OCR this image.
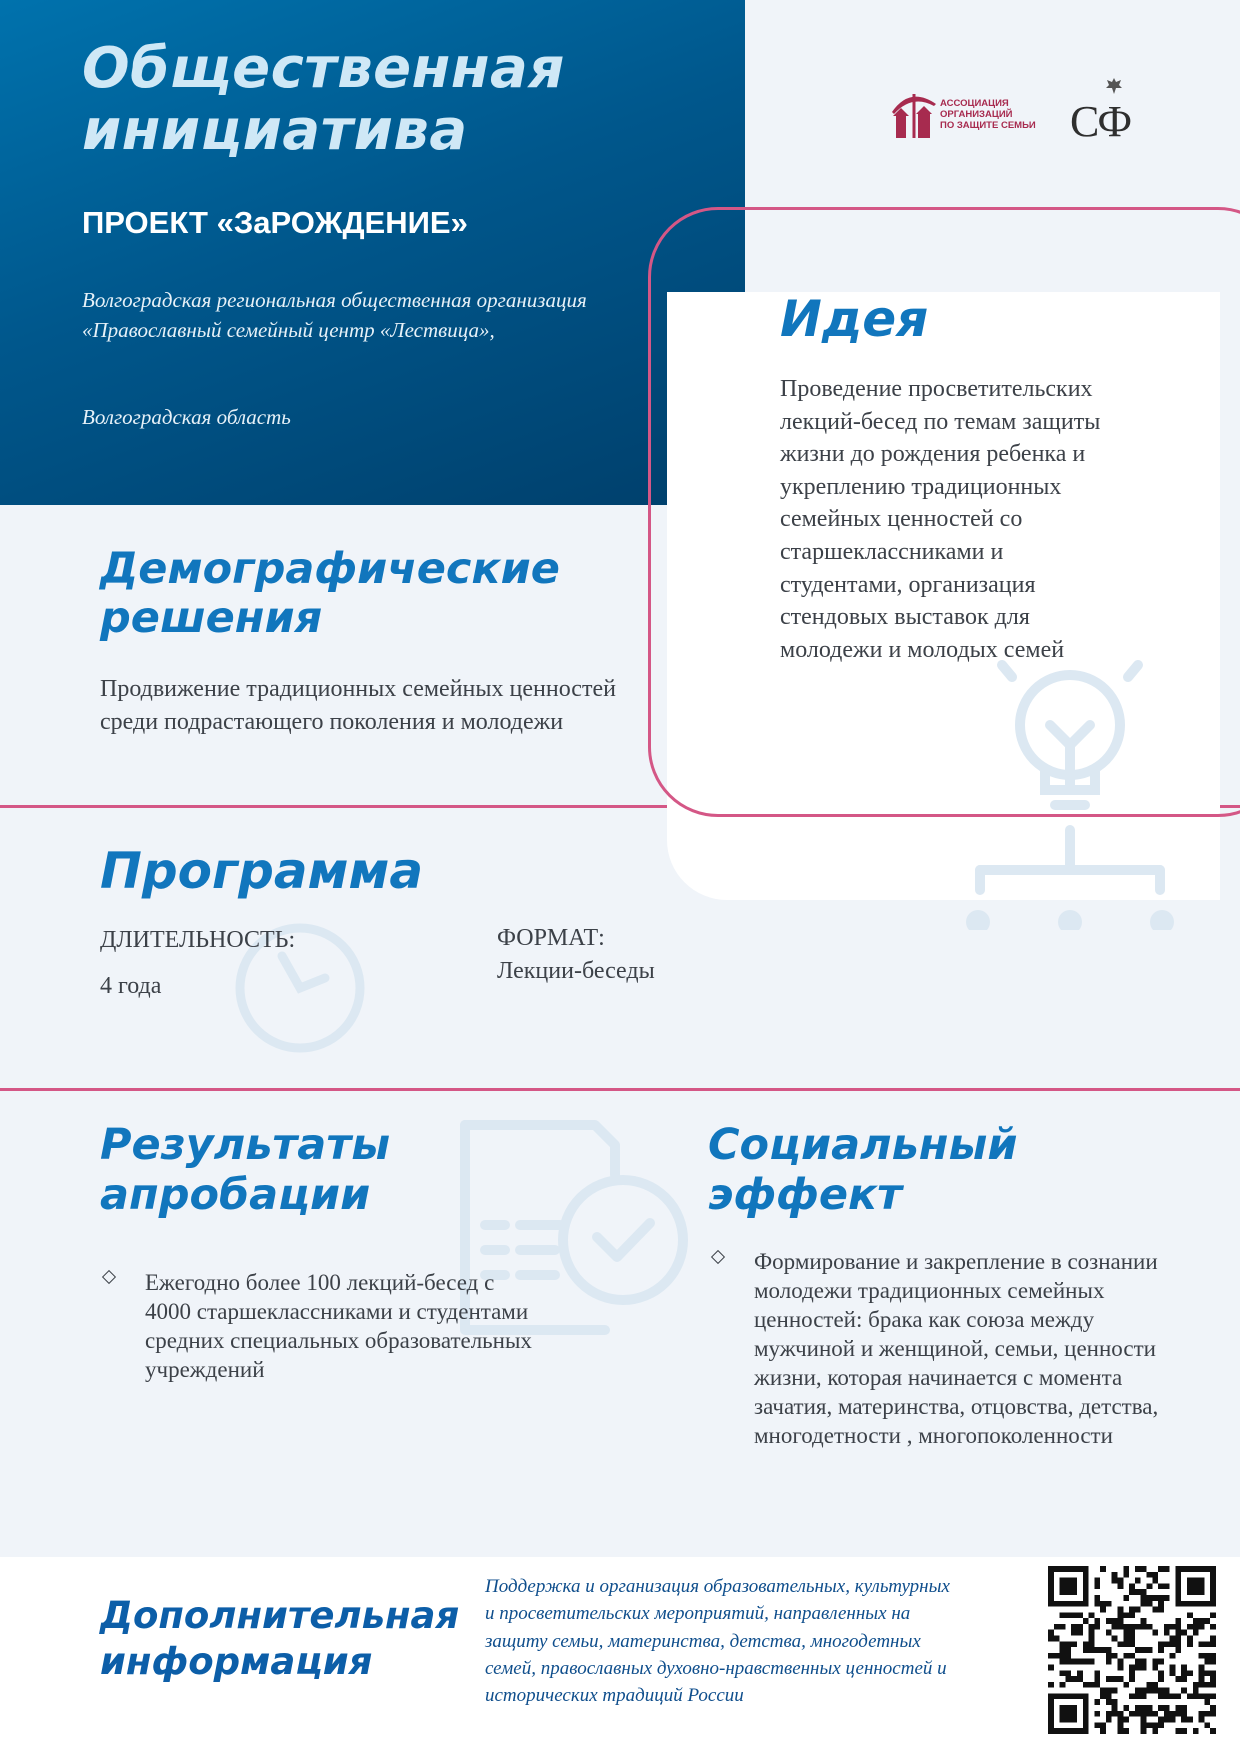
Общественная
инициатива
ПРОЕКТ «ЗаРОЖДЕНИЕ»
Волгоградская региональная общественная организация «Православный семейный центр «Лествица»,
Волгоградская область
АССОЦИАЦИЯ
ОРГАНИЗАЦИЙ
ПО ЗАЩИТЕ СЕМЬИ СФ
Идея
Проведение просветительских лекций-бесед по темам защиты жизни до рождения ребенка и укреплению традиционных семейных ценностей со старшеклассниками и студентами, организация стендовых выставок для молодежи и молодых семей
Демографические решения
Продвижение традиционных семейных ценностей среди подрастающего поколения и молодежи
Программа
ДЛИТЕЛЬНОСТЬ:
4 года
ФОРМАТ:
Лекции-беседы
Результаты апробации
Ежегодно более 100 лекций-бесед с 4000 старшеклассниками и студентами средних специальных образовательных учреждений
Социальный эффект
Формирование и закрепление в сознании молодежи традиционных семейных ценностей: брака как союза между мужчиной и женщиной, семьи, ценности жизни, которая начинается с момента зачатия, материнства, отцовства, детства, многодетности , многопоколенности
Дополнительная информация
Поддержка и организация образовательных, культурных и просветительских мероприятий, направленных на защиту семьи, материнства, детства, многодетных семей, православных духовно-нравственных ценностей и исторических традиций России
